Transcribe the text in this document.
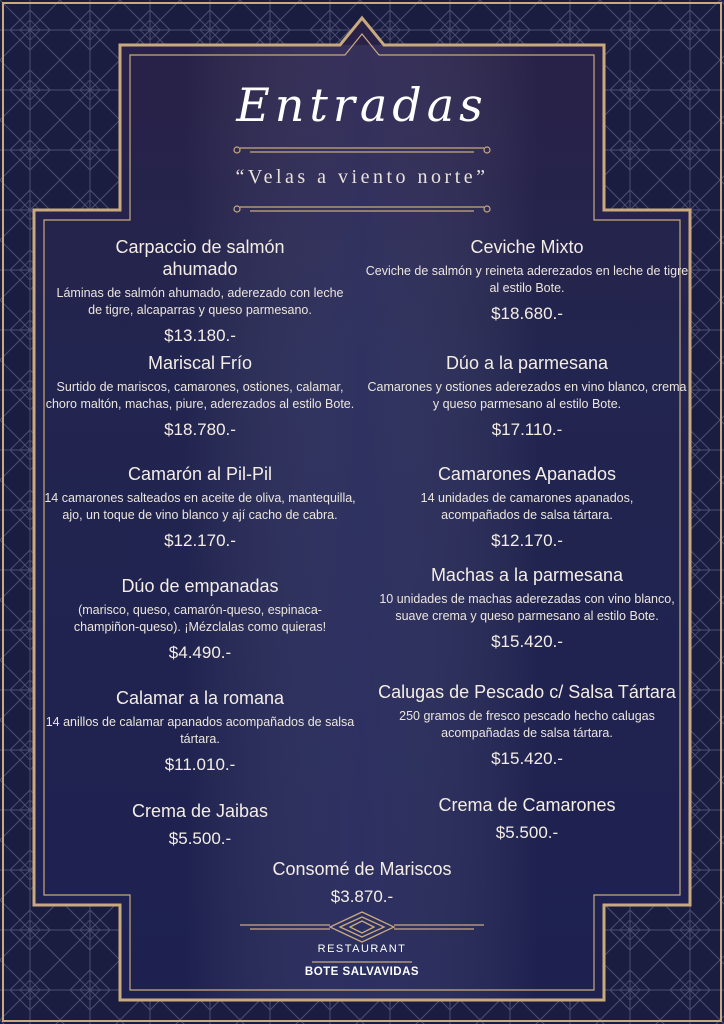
Entradas
“Velas a viento norte”
Carpaccio de salmón ahumado
Láminas de salmón ahumado, aderezado con leche de tigre, alcaparras y queso parmesano.
$13.180.-
Mariscal Frío
Surtido de mariscos, camarones, ostiones, calamar, choro maltón, machas, piure, aderezados al estilo Bote.
$18.780.-
Camarón al Pil-Pil
14 camarones salteados en aceite de oliva, mantequilla, ajo, un toque de vino blanco y ají cacho de cabra.
$12.170.-
Dúo de empanadas
(marisco, queso, camarón-queso, espinaca-champiñon-queso). ¡Mézclalas como quieras!
$4.490.-
Calamar a la romana
14 anillos de calamar apanados acompañados de salsa tártara.
$11.010.-
Crema de Jaibas
$5.500.-
Ceviche Mixto
Ceviche de salmón y reineta aderezados en leche de tigre al estilo Bote.
$18.680.-
Dúo a la parmesana
Camarones y ostiones aderezados en vino blanco, crema y queso parmesano al estilo Bote.
$17.110.-
Camarones Apanados
14 unidades de camarones apanados, acompañados de salsa tártara.
$12.170.-
Machas a la parmesana
10 unidades de machas aderezadas con vino blanco, suave crema y queso parmesano al estilo Bote.
$15.420.-
Calugas de Pescado c/ Salsa Tártara
250 gramos de fresco pescado hecho calugas acompañadas de salsa tártara.
$15.420.-
Crema de Camarones
$5.500.-
Consomé de Mariscos
$3.870.-
RESTAURANT
BOTE SALVAVIDAS
